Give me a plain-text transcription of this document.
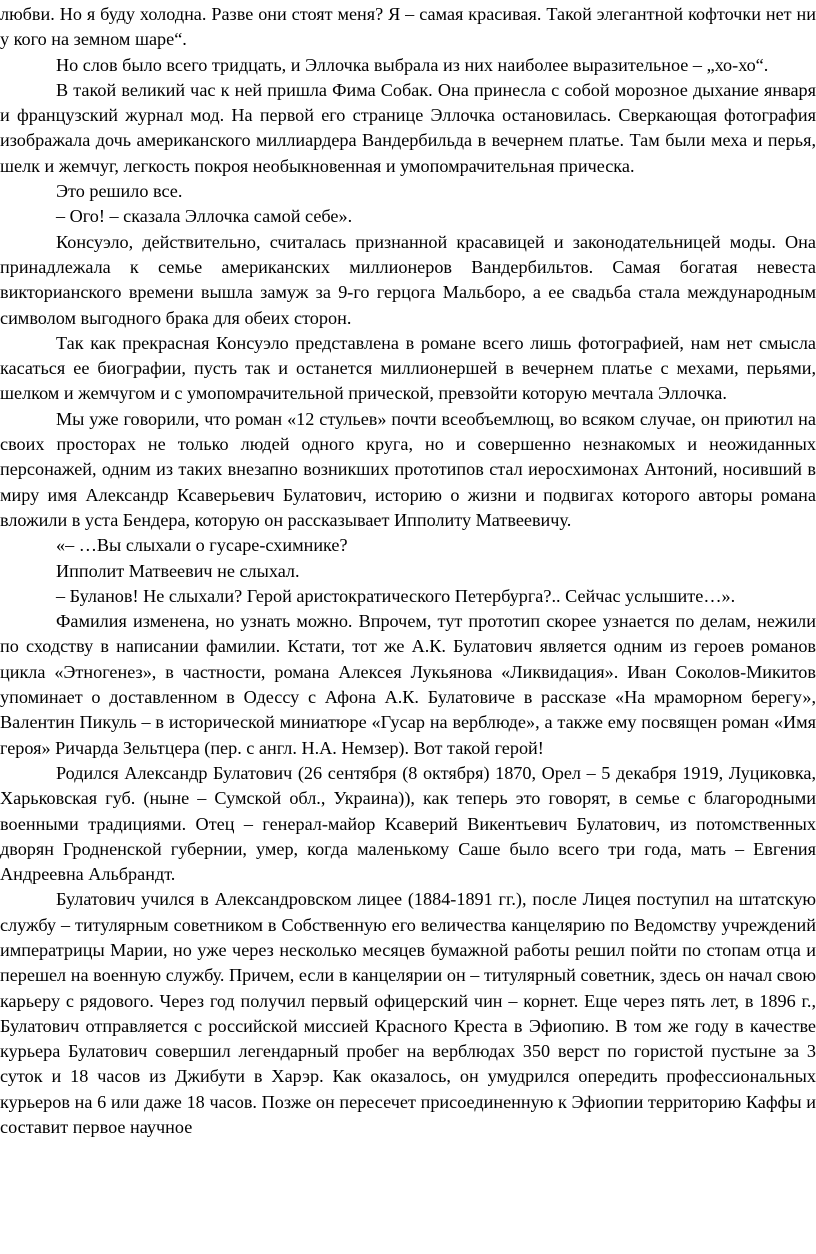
любви. Но я буду холодна. Разве они стоят меня? Я – самая красивая. Такой элегантной кофточки нет ни у кого на земном шаре“.

Но слов было всего тридцать, и Эллочка выбрала из них наиболее выразительное – „хо-хо“.

В такой великий час к ней пришла Фима Собак. Она принесла с собой морозное дыхание января и французский журнал мод. На первой его странице Эллочка остановилась. Сверкающая фотография изображала дочь американского миллиардера Вандербильда в вечернем платье. Там были меха и перья, шелк и жемчуг, легкость покроя необыкновенная и умопомрачительная прическа.

Это решило все.

– Ого! – сказала Эллочка самой себе».

Консуэло, действительно, считалась признанной красавицей и законодательницей моды. Она принадлежала к семье американских миллионеров Вандербильтов. Самая богатая невеста викторианского времени вышла замуж за 9-го герцога Мальборо, а ее свадьба стала международным символом выгодного брака для обеих сторон.

Так как прекрасная Консуэло представлена в романе всего лишь фотографией, нам нет смысла касаться ее биографии, пусть так и останется миллионершей в вечернем платье с мехами, перьями, шелком и жемчугом и с умопомрачительной прической, превзойти которую мечтала Эллочка.

Мы уже говорили, что роман «12 стульев» почти всеобъемлющ, во всяком случае, он приютил на своих просторах не только людей одного круга, но и совершенно незнакомых и неожиданных персонажей, одним из таких внезапно возникших прототипов стал иеросхимонах Антоний, носивший в миру имя Александр Ксаверьевич Булатович, историю о жизни и подвигах которого авторы романа вложили в уста Бендера, которую он рассказывает Ипполиту Матвеевичу.

«– …Вы слыхали о гусаре-схимнике?

Ипполит Матвеевич не слыхал.

– Буланов! Не слыхали? Герой аристократического Петербурга?.. Сейчас услышите…».

Фамилия изменена, но узнать можно. Впрочем, тут прототип скорее узнается по делам, нежили по сходству в написании фамилии. Кстати, тот же А.К. Булатович является одним из героев романов цикла «Этногенез», в частности, романа Алексея Лукьянова «Ликвидация». Иван Соколов-Микитов упоминает о доставленном в Одессу с Афона А.К. Булатовиче в рассказе «На мраморном берегу», Валентин Пикуль – в исторической миниатюре «Гусар на верблюде», а также ему посвящен роман «Имя героя» Ричарда Зельтцера (пер. с англ. Н.А. Немзер). Вот такой герой!

Родился Александр Булатович (26 сентября (8 октября) 1870, Орел – 5 декабря 1919, Луциковка, Харьковская губ. (ныне – Сумской обл., Украина)), как теперь это говорят, в семье с благородными военными традициями. Отец – генерал-майор Ксаверий Викентьевич Булатович, из потомственных дворян Гродненской губернии, умер, когда маленькому Саше было всего три года, мать – Евгения Андреевна Альбрандт.

Булатович учился в Александровском лицее (1884-1891 гг.), после Лицея поступил на штатскую службу – титулярным советником в Собственную его величества канцелярию по Ведомству учреждений императрицы Марии, но уже через несколько месяцев бумажной работы решил пойти по стопам отца и перешел на военную службу. Причем, если в канцелярии он – титулярный советник, здесь он начал свою карьеру с рядового. Через год получил первый офицерский чин – корнет. Еще через пять лет, в 1896 г., Булатович отправляется с российской миссией Красного Креста в Эфиопию. В том же году в качестве курьера Булатович совершил легендарный пробег на верблюдах 350 верст по гористой пустыне за 3 суток и 18 часов из Джибути в Харэр. Как оказалось, он умудрился опередить профессиональных курьеров на 6 или даже 18 часов. Позже он пересечет присоединенную к Эфиопии территорию Каффы и составит первое научное
